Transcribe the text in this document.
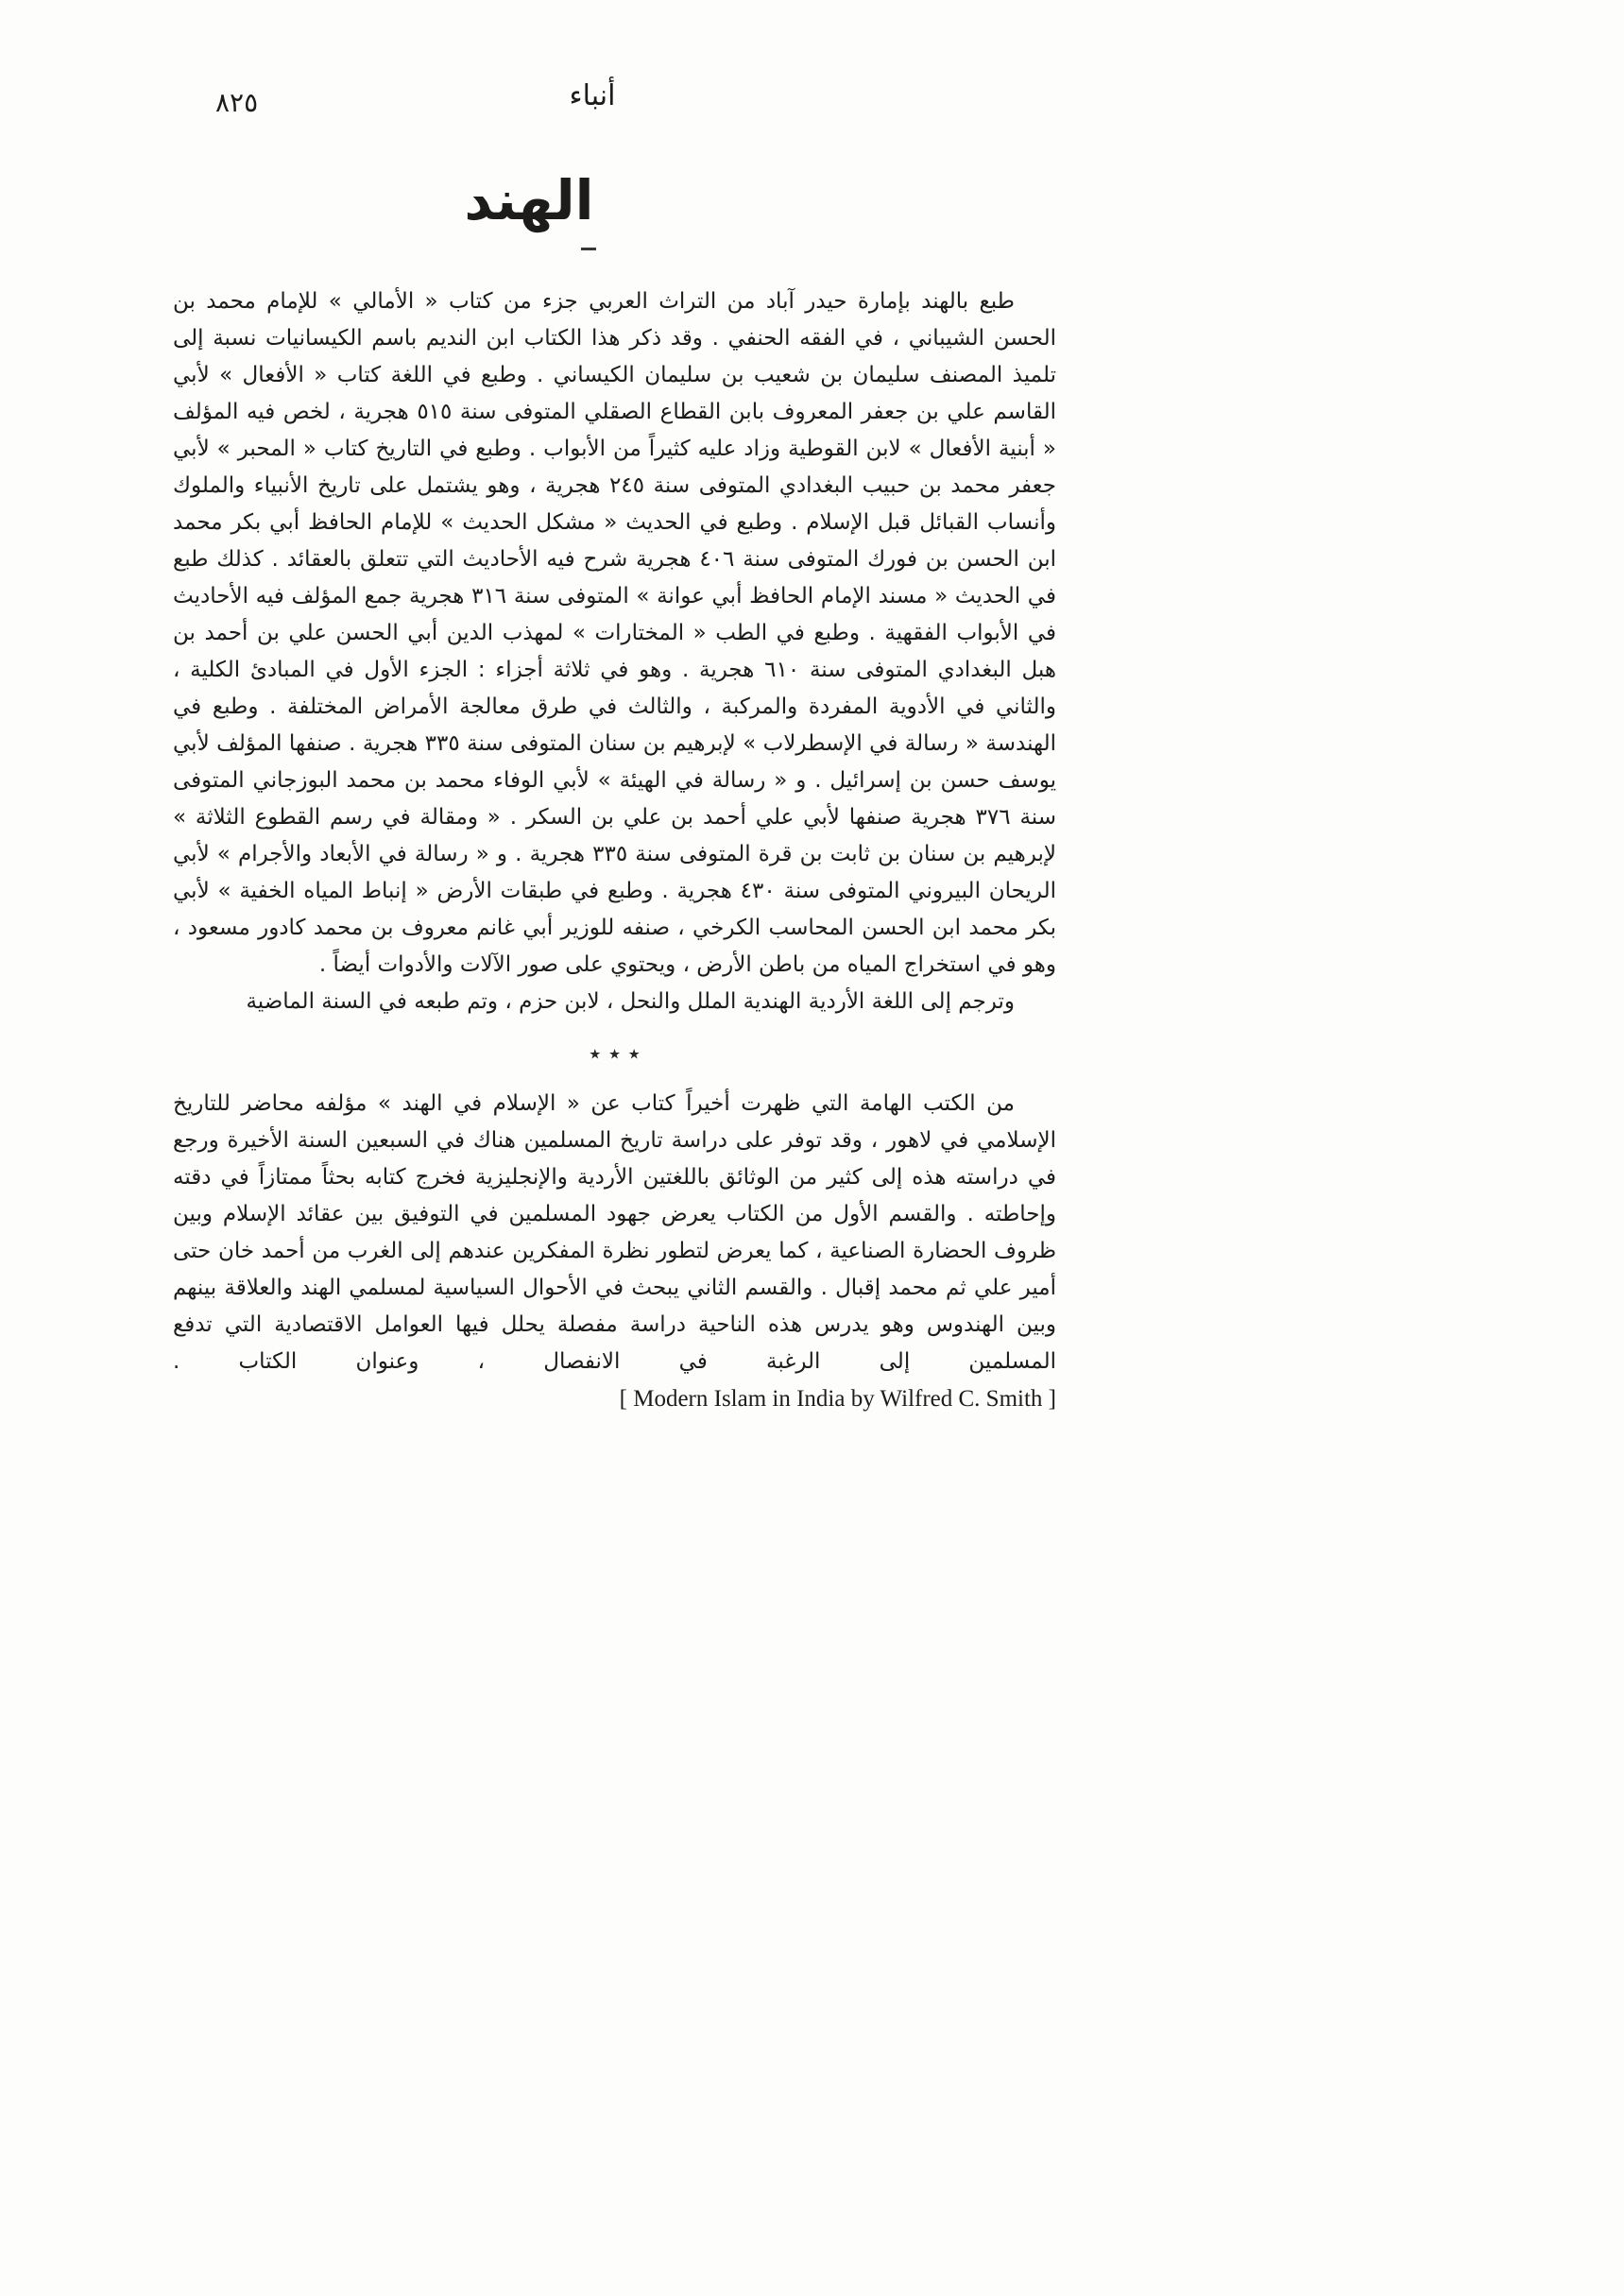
٨٢٥	أنباء
الهند

طبع بالهند بإمارة حيدر آباد من التراث العربي جزء من كتاب « الأمالي » للإمام محمد بن الحسن الشيباني ، في الفقه الحنفي . وقد ذكر هذا الكتاب ابن النديم باسم الكيسانيات نسبة إلى تلميذ المصنف سليمان بن شعيب بن سليمان الكيساني . وطبع في اللغة كتاب « الأفعال » لأبي القاسم علي بن جعفر المعروف بابن القطاع الصقلي المتوفى سنة ٥١٥ هجرية ، لخص فيه المؤلف « أبنية الأفعال » لابن القوطية وزاد عليه كثيراً من الأبواب . وطبع في التاريخ كتاب « المحبر » لأبي جعفر محمد بن حبيب البغدادي المتوفى سنة ٢٤٥ هجرية ، وهو يشتمل على تاريخ الأنبياء والملوك وأنساب القبائل قبل الإسلام . وطبع في الحديث « مشكل الحديث » للإمام الحافظ أبي بكر محمد ابن الحسن بن فورك المتوفى سنة ٤٠٦ هجرية شرح فيه الأحاديث التي تتعلق بالعقائد . كذلك طبع في الحديث « مسند الإمام الحافظ أبي عوانة » المتوفى سنة ٣١٦ هجرية جمع المؤلف فيه الأحاديث في الأبواب الفقهية . وطبع في الطب « المختارات » لمهذب الدين أبي الحسن علي بن أحمد بن هبل البغدادي المتوفى سنة ٦١٠ هجرية . وهو في ثلاثة أجزاء : الجزء الأول في المبادئ الكلية ، والثاني في الأدوية المفردة والمركبة ، والثالث في طرق معالجة الأمراض المختلفة . وطبع في الهندسة « رسالة في الإسطرلاب » لإبرهيم بن سنان المتوفى سنة ٣٣٥ هجرية . صنفها المؤلف لأبي يوسف حسن بن إسرائيل . و « رسالة في الهيئة » لأبي الوفاء محمد بن محمد البوزجاني المتوفى سنة ٣٧٦ هجرية صنفها لأبي علي أحمد بن علي بن السكر . « ومقالة في رسم القطوع الثلاثة » لإبرهيم بن سنان بن ثابت بن قرة المتوفى سنة ٣٣٥ هجرية . و « رسالة في الأبعاد والأجرام » لأبي الريحان البيروني المتوفى سنة ٤٣٠ هجرية . وطبع في طبقات الأرض « إنباط المياه الخفية » لأبي بكر محمد ابن الحسن المحاسب الكرخي ، صنفه للوزير أبي غانم معروف بن محمد كادور مسعود ، وهو في استخراج المياه من باطن الأرض ، ويحتوي على صور الآلات والأدوات أيضاً .

وترجم إلى اللغة الأردية الهندية الملل والنحل ، لابن حزم ، وتم طبعه في السنة الماضية

٭ ٭ ٭

من الكتب الهامة التي ظهرت أخيراً كتاب عن « الإسلام في الهند » مؤلفه محاضر للتاريخ الإسلامي في لاهور ، وقد توفر على دراسة تاريخ المسلمين هناك في السبعين السنة الأخيرة ورجع في دراسته هذه إلى كثير من الوثائق باللغتين الأردية والإنجليزية فخرج كتابه بحثاً ممتازاً في دقته وإحاطته . والقسم الأول من الكتاب يعرض جهود المسلمين في التوفيق بين عقائد الإسلام وبين ظروف الحضارة الصناعية ، كما يعرض لتطور نظرة المفكرين عندهم إلى الغرب من أحمد خان حتى أمير علي ثم محمد إقبال . والقسم الثاني يبحث في الأحوال السياسية لمسلمي الهند والعلاقة بينهم وبين الهندوس وهو يدرس هذه الناحية دراسة مفصلة يحلل فيها العوامل الاقتصادية التي تدفع المسلمين إلى الرغبة في الانفصال ، وعنوان الكتاب . [ Modern Islam in India by Wilfred C. Smith ]
